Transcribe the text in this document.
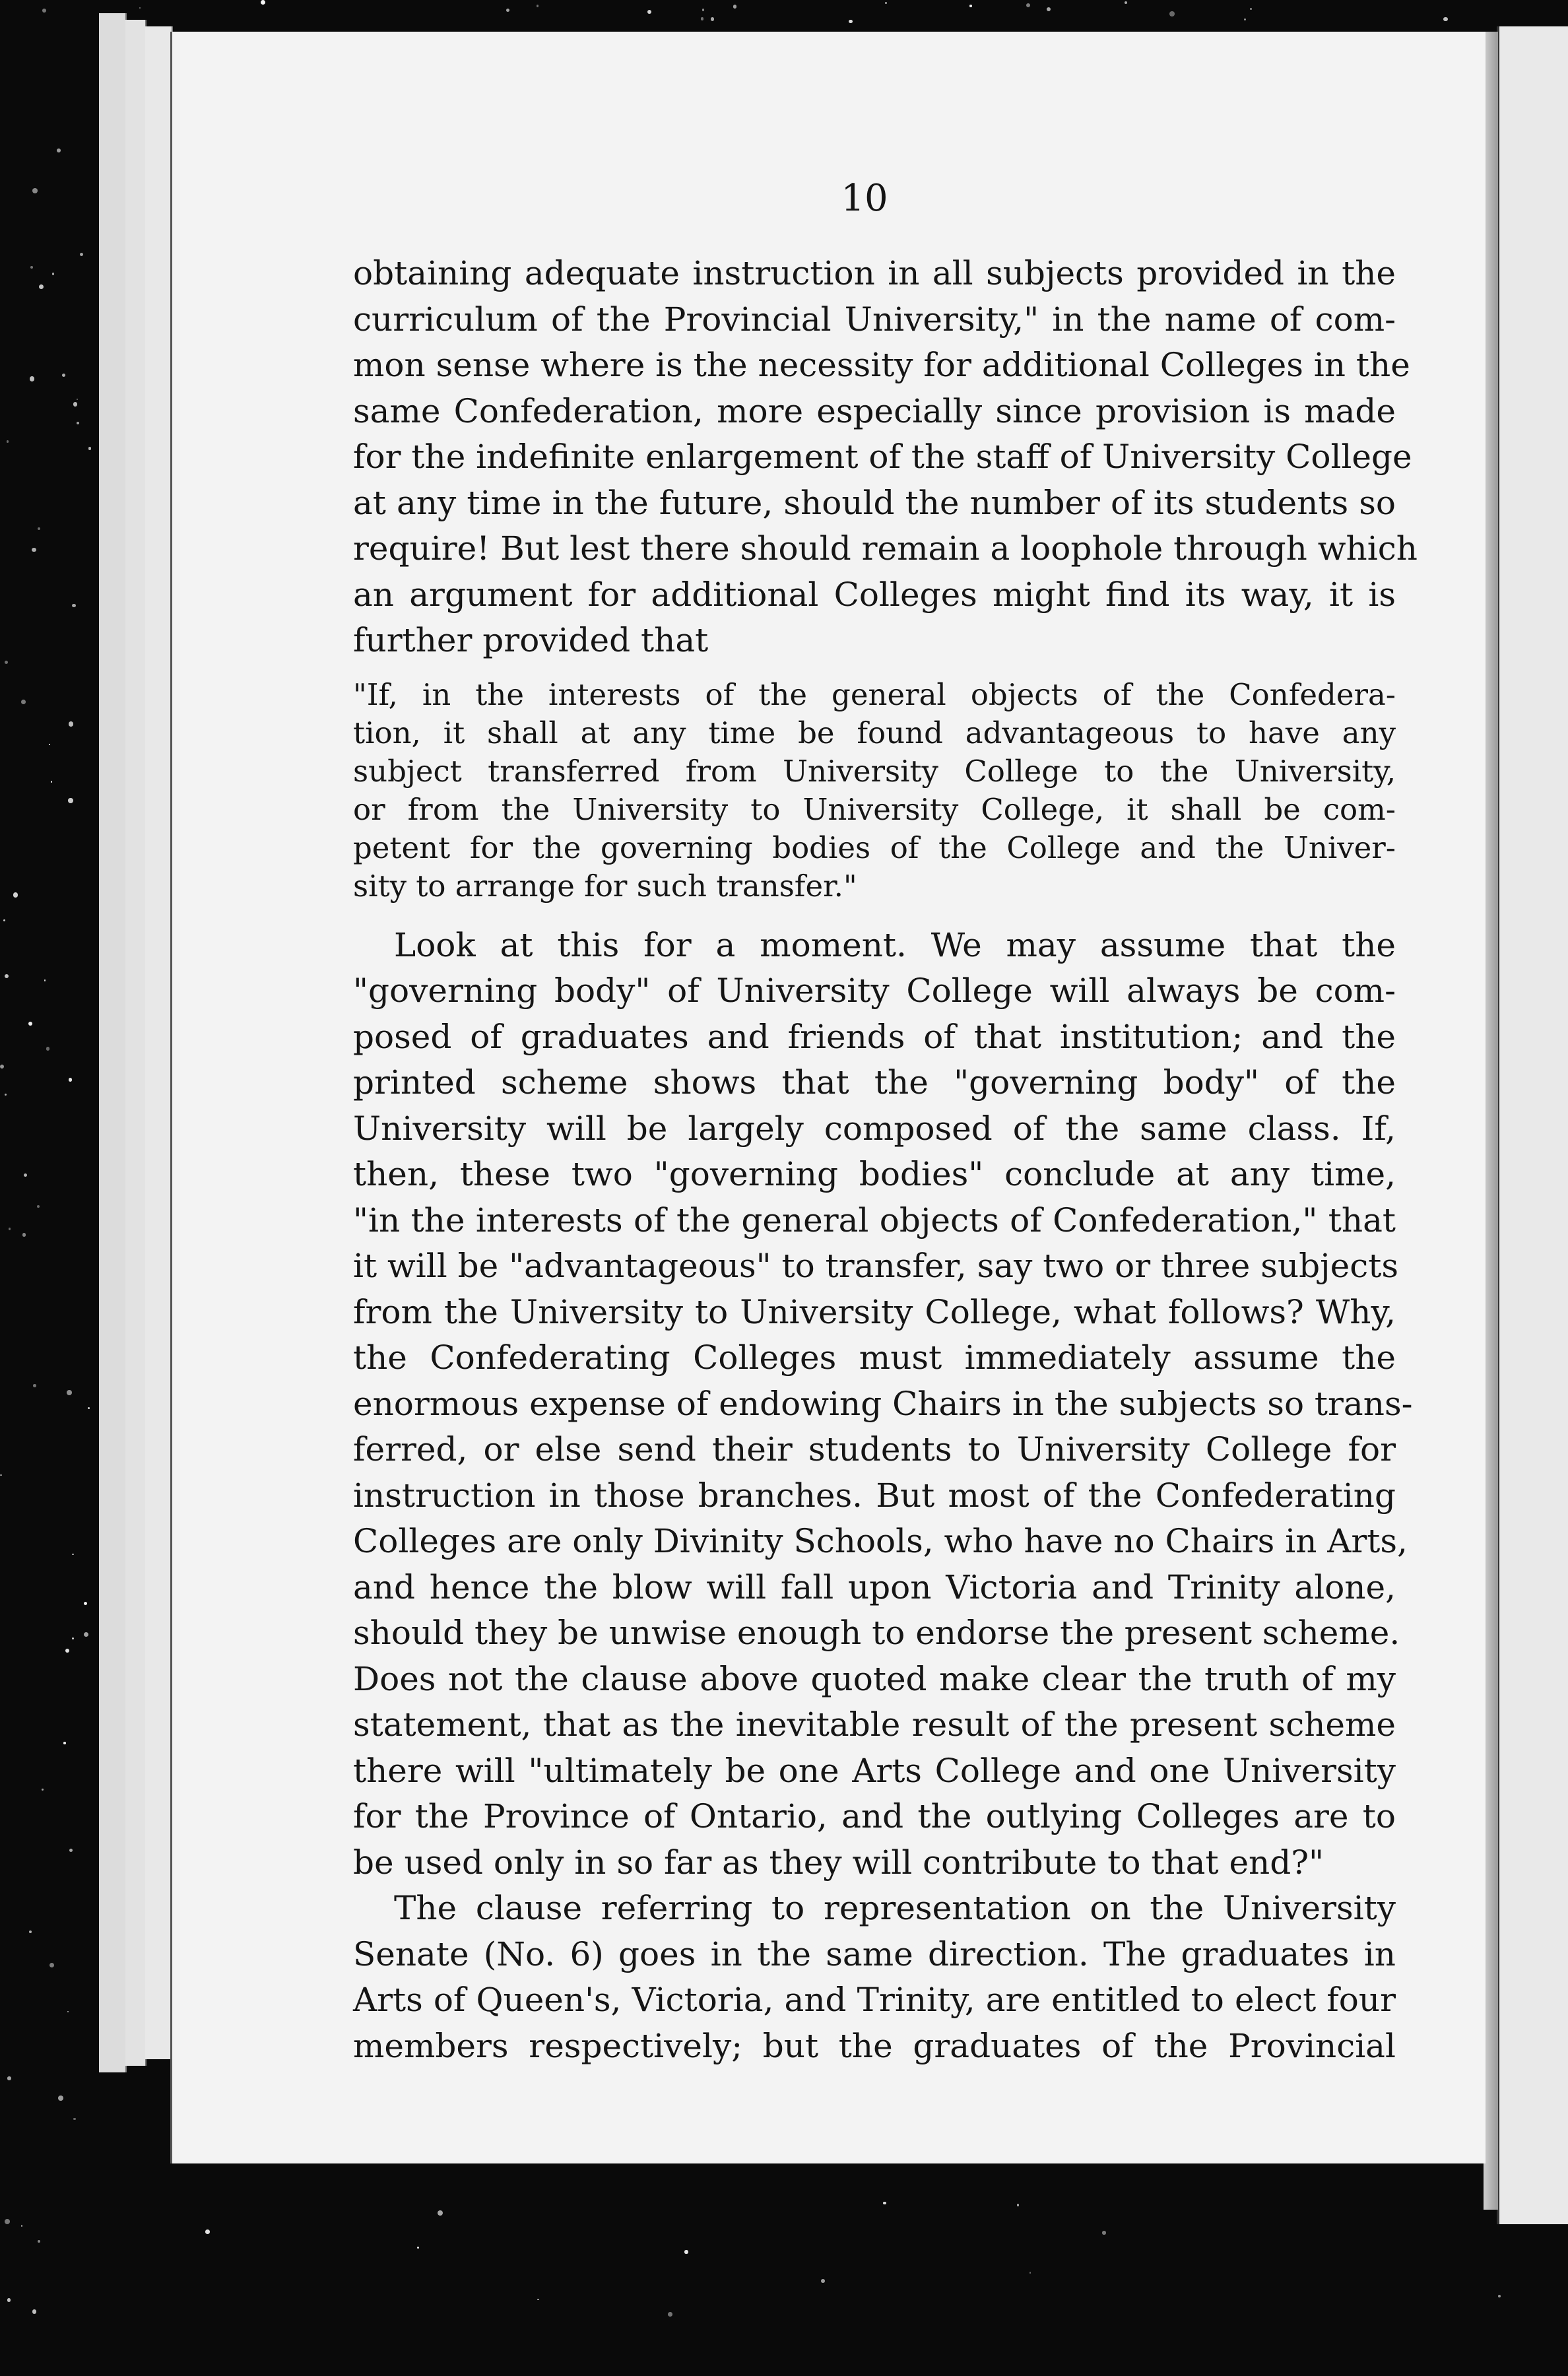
10
obtaining adequate instruction in all subjects provided in the
curriculum of the Provincial University," in the name of com-
mon sense where is the necessity for additional Colleges in the
same Confederation, more especially since provision is made
for the indefinite enlargement of the staff of University College
at any time in the future, should the number of its students so
require! But lest there should remain a loophole through which
an argument for additional Colleges might find its way, it is
further provided that
"If, in the interests of the general objects of the Confedera-
tion, it shall at any time be found advantageous to have any
subject transferred from University College to the University,
or from the University to University College, it shall be com-
petent for the governing bodies of the College and the Univer-
sity to arrange for such transfer."
Look at this for a moment. We may assume that the
"governing body" of University College will always be com-
posed of graduates and friends of that institution; and the
printed scheme shows that the "governing body" of the
University will be largely composed of the same class. If,
then, these two "governing bodies" conclude at any time,
"in the interests of the general objects of Confederation," that
it will be "advantageous" to transfer, say two or three subjects
from the University to University College, what follows? Why,
the Confederating Colleges must immediately assume the
enormous expense of endowing Chairs in the subjects so trans-
ferred, or else send their students to University College for
instruction in those branches. But most of the Confederating
Colleges are only Divinity Schools, who have no Chairs in Arts,
and hence the blow will fall upon Victoria and Trinity alone,
should they be unwise enough to endorse the present scheme.
Does not the clause above quoted make clear the truth of my
statement, that as the inevitable result of the present scheme
there will "ultimately be one Arts College and one University
for the Province of Ontario, and the outlying Colleges are to
be used only in so far as they will contribute to that end?"
The clause referring to representation on the University
Senate (No. 6) goes in the same direction. The graduates in
Arts of Queen's, Victoria, and Trinity, are entitled to elect four
members respectively; but the graduates of the Provincial
